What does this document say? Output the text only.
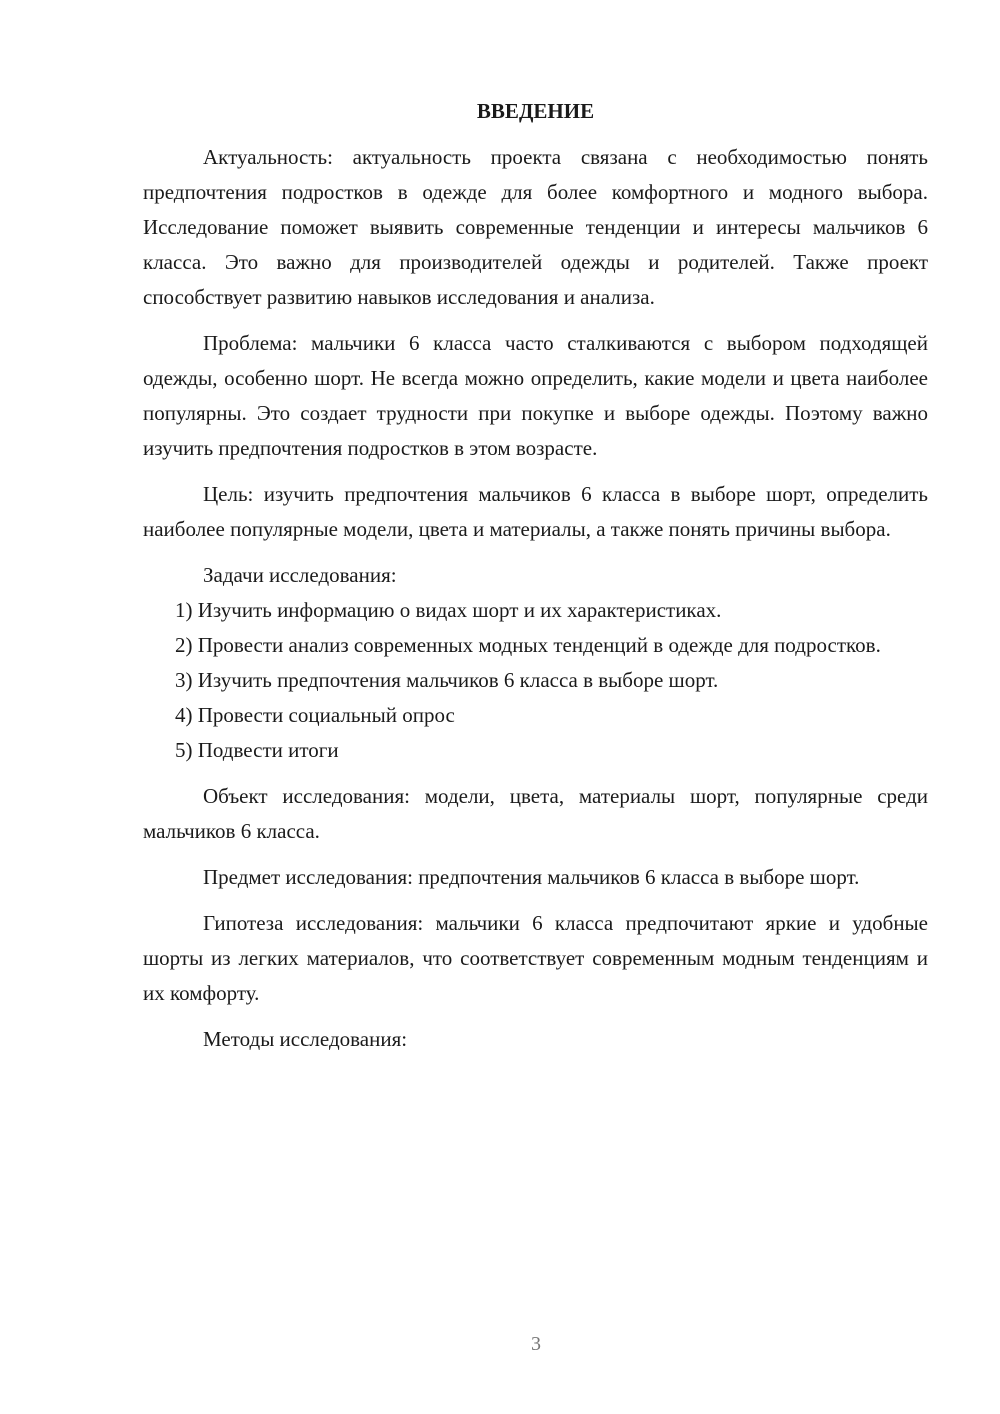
ВВЕДЕНИЕ

Актуальность: актуальность проекта связана с необходимостью понять предпочтения подростков в одежде для более комфортного и модного выбора. Исследование поможет выявить современные тенденции и интересы мальчиков 6 класса. Это важно для производителей одежды и родителей. Также проект способствует развитию навыков исследования и анализа.

Проблема: мальчики 6 класса часто сталкиваются с выбором подходящей одежды, особенно шорт. Не всегда можно определить, какие модели и цвета наиболее популярны. Это создает трудности при покупке и выборе одежды. Поэтому важно изучить предпочтения подростков в этом возрасте.

Цель: изучить предпочтения мальчиков 6 класса в выборе шорт, определить наиболее популярные модели, цвета и материалы, а также понять причины выбора.

Задачи исследования:

1) Изучить информацию о видах шорт и их характеристиках.

2) Провести анализ современных модных тенденций в одежде для подростков.

3) Изучить предпочтения мальчиков 6 класса в выборе шорт.

4) Провести социальный опрос

5) Подвести итоги

Объект исследования: модели, цвета, материалы шорт, популярные среди мальчиков 6 класса.

Предмет исследования: предпочтения мальчиков 6 класса в выборе шорт.

Гипотеза исследования: мальчики 6 класса предпочитают яркие и удобные шорты из легких материалов, что соответствует современным модным тенденциям и их комфорту.

Методы исследования:

3
